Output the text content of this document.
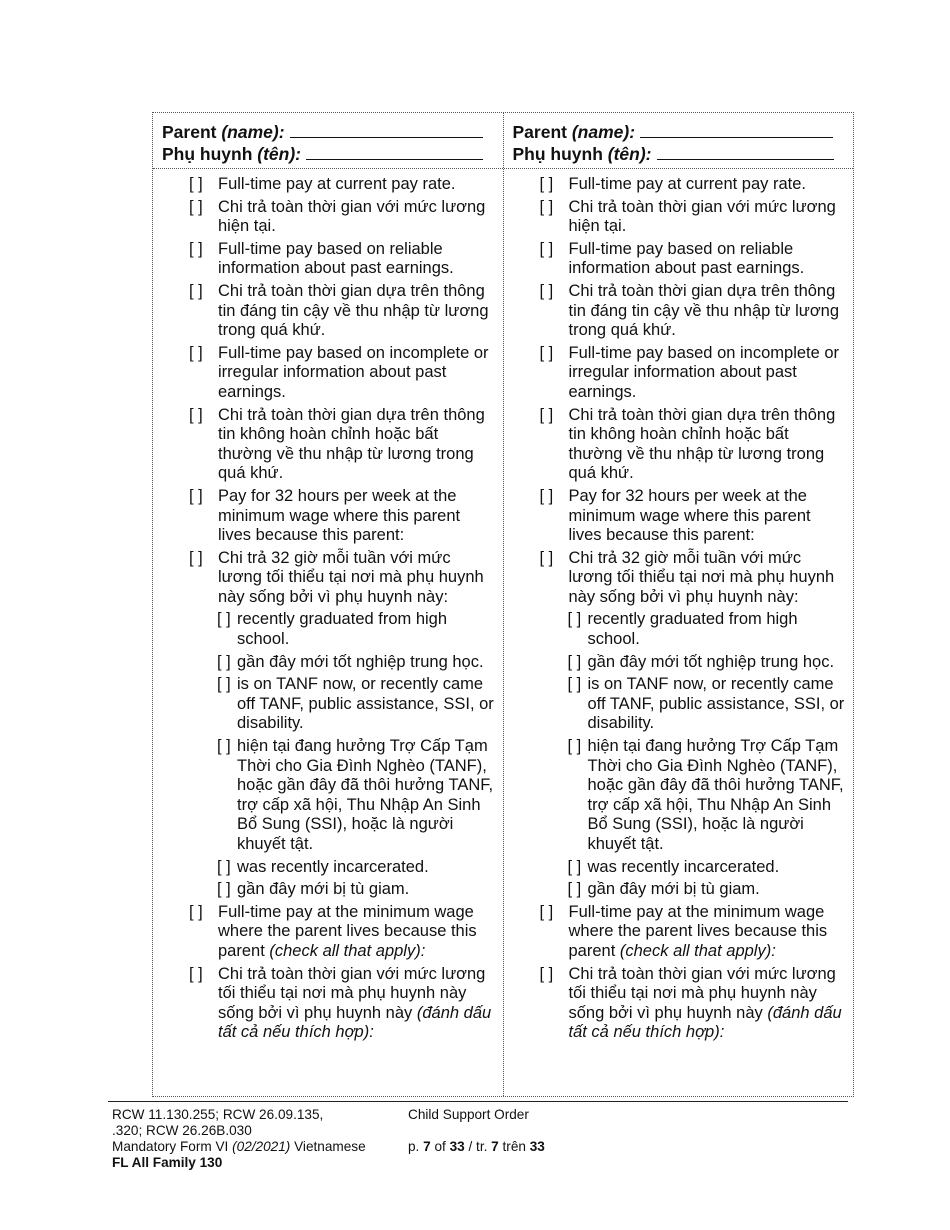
Parent
(name):
Phụ huynh
(tên):
[ ] Full-time pay at current pay rate.
[ ] Chi trả toàn thời gian với mức lương hiện tại.
[ ] Full-time pay based on reliable information about past earnings.
[ ] Chi trả toàn thời gian dựa trên thông tin đáng tin cậy về thu nhập từ lương trong quá khứ.
[ ] Full-time pay based on incomplete or irregular information about past earnings.
[ ] Chi trả toàn thời gian dựa trên thông tin không hoàn chỉnh hoặc bất thường về thu nhập từ lương trong quá khứ.
[ ] Pay for 32 hours per week at the minimum wage where this parent lives because this parent:
[ ] Chi trả 32 giờ mỗi tuần với mức lương tối thiểu tại nơi mà phụ huynh này sống bởi vì phụ huynh này:
[ ] recently graduated from high school.
[ ] gần đây mới tốt nghiệp trung học.
[ ] is on TANF now, or recently came off TANF, public assistance, SSI, or disability.
[ ] hiện tại đang hưởng Trợ Cấp Tạm Thời cho Gia Đình Nghèo (TANF), hoặc gần đây đã thôi hưởng TANF, trợ cấp xã hội, Thu Nhập An Sinh Bổ Sung (SSI), hoặc là người khuyết tật.
[ ] was recently incarcerated.
[ ] gần đây mới bị tù giam.
[ ] Full-time pay at the minimum wage where the parent lives because this parent (check all that apply):
[ ] Chi trả toàn thời gian với mức lương tối thiểu tại nơi mà phụ huynh này sống bởi vì phụ huynh này (đánh dấu tất cả nếu thích hợp):
Parent
(name):
Phụ huynh
(tên):
[ ] Full-time pay at current pay rate.
[ ] Chi trả toàn thời gian với mức lương hiện tại.
[ ] Full-time pay based on reliable information about past earnings.
[ ] Chi trả toàn thời gian dựa trên thông tin đáng tin cậy về thu nhập từ lương trong quá khứ.
[ ] Full-time pay based on incomplete or irregular information about past earnings.
[ ] Chi trả toàn thời gian dựa trên thông tin không hoàn chỉnh hoặc bất thường về thu nhập từ lương trong quá khứ.
[ ] Pay for 32 hours per week at the minimum wage where this parent lives because this parent:
[ ] Chi trả 32 giờ mỗi tuần với mức lương tối thiểu tại nơi mà phụ huynh này sống bởi vì phụ huynh này:
[ ] recently graduated from high school.
[ ] gần đây mới tốt nghiệp trung học.
[ ] is on TANF now, or recently came off TANF, public assistance, SSI, or disability.
[ ] hiện tại đang hưởng Trợ Cấp Tạm Thời cho Gia Đình Nghèo (TANF), hoặc gần đây đã thôi hưởng TANF, trợ cấp xã hội, Thu Nhập An Sinh Bổ Sung (SSI), hoặc là người khuyết tật.
[ ] was recently incarcerated.
[ ] gần đây mới bị tù giam.
[ ] Full-time pay at the minimum wage where the parent lives because this parent (check all that apply):
[ ] Chi trả toàn thời gian với mức lương tối thiểu tại nơi mà phụ huynh này sống bởi vì phụ huynh này (đánh dấu tất cả nếu thích hợp):
RCW 11.130.255; RCW 26.09.135,
.320; RCW 26.26B.030
Mandatory Form VI (02/2021) Vietnamese
FL All Family 130
Child Support Order
p. 7 of 33 / tr. 7 trên 33
